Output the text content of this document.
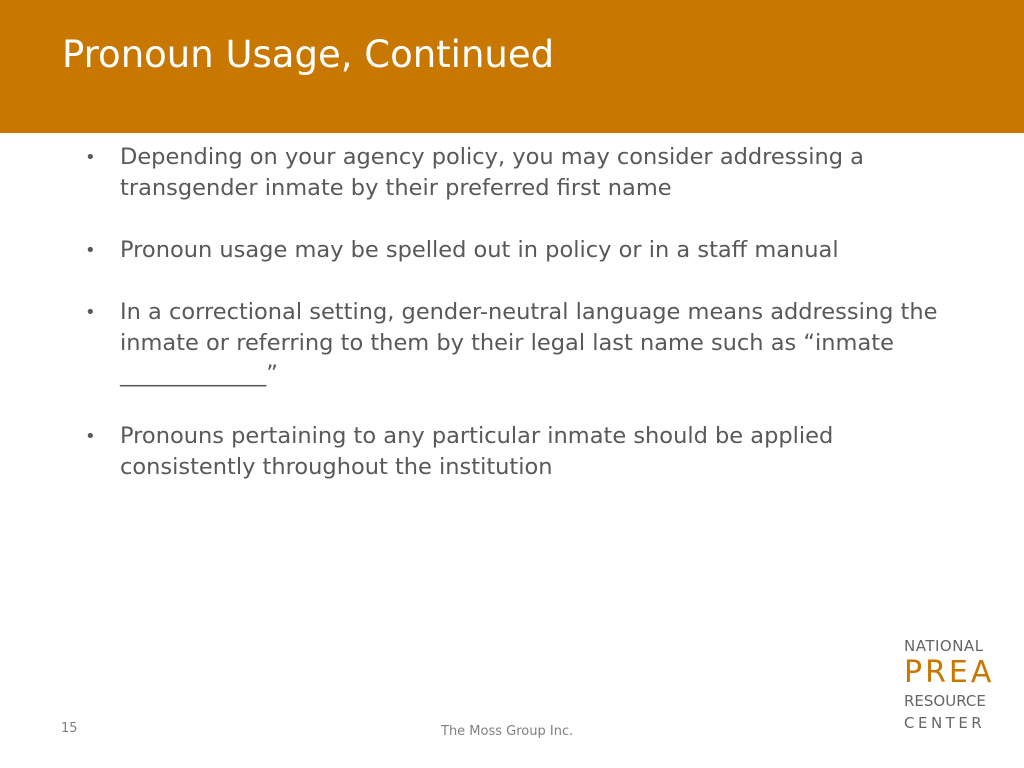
Pronoun Usage, Continued
• Depending on your agency policy, you may consider addressing a transgender inmate by their preferred first name
• Pronoun usage may be spelled out in policy or in a staff manual
• In a correctional setting, gender-neutral language means addressing the inmate or referring to them by their legal last name such as “inmate _____________”
• Pronouns pertaining to any particular inmate should be applied consistently throughout the institution
15	The Moss Group Inc.
NATIONAL
PREA
RESOURCE
CENTER
